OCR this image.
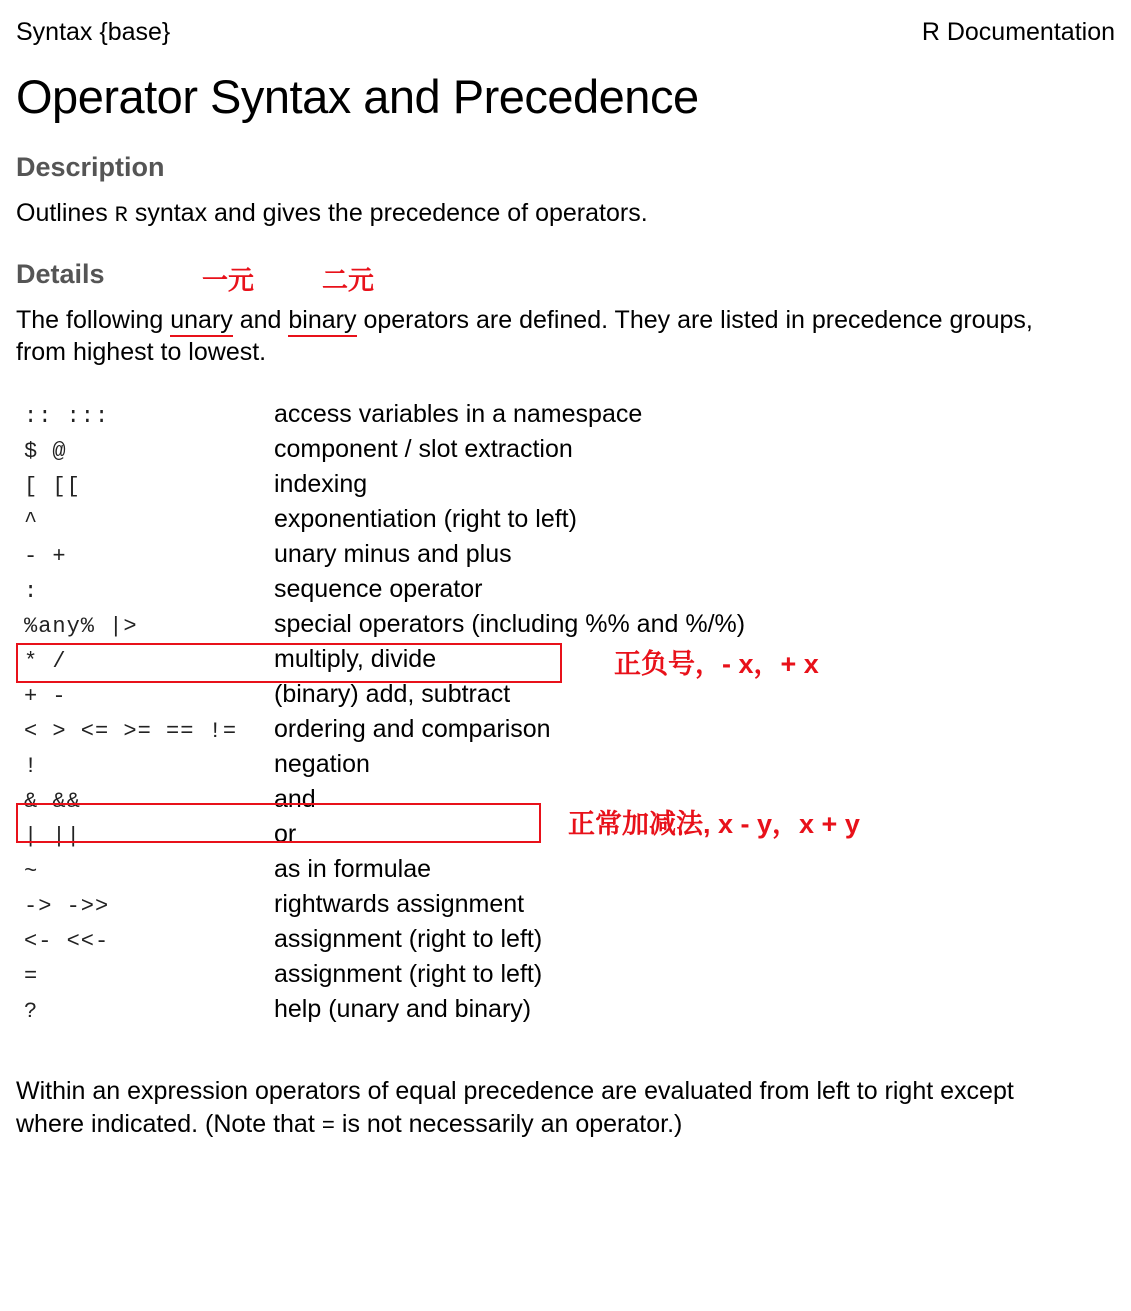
Syntax {base}	R Documentation
Operator Syntax and Precedence
Description

Outlines R syntax and gives the precedence of operators.

Details	一元	二元
The following unary and binary operators are defined. They are listed in precedence groups,
from highest to lowest.
:: :::	access variables in a namespace
$ @	component / slot extraction
[ [[	indexing
^	exponentiation (right to left)
- +	unary minus and plus
:	sequence operator
%any% |>	special operators (including %% and %/%)
* /	multiply, divide
+ -	(binary) add, subtract
< > <= >= == !=	ordering and comparison
!	negation
& &&	and
| ||	or
~	as in formulae
-> ->>	rightwards assignment
<- <<-	assignment (right to left)
=	assignment (right to left)
?	help (unary and binary)
Within an expression operators of equal precedence are evaluated from left to right except
where indicated. (Note that = is not necessarily an operator.)
正负号，- x，+ x
正常加减法, x - y，x + y
